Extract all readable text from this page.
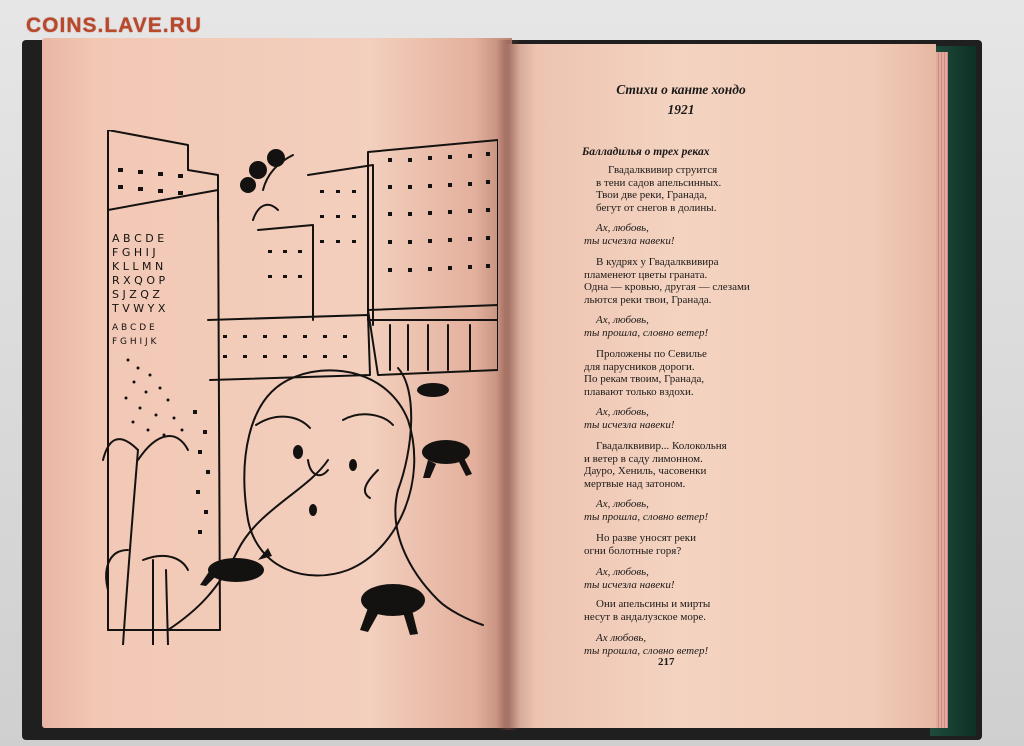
COINS.LAVE.RU
A B C D E
F G H I J
K L L M N
R X Q O P
S J Z Q Z
T V W Y X
A B C D E
F G H I J K
Стихи о канте хондо
1921
Балладилья о трех реках
Гвадалквивир струится
в тени садов апельсинных.
Твои две реки, Гранада,
бегут от снегов в долины.
Ах, любовь,
ты исчезла навеки!
В кудрях у Гвадалквивира
пламенеют цветы граната.
Одна — кровью, другая — слезами
льются реки твои, Гранада.
Ах, любовь,
ты прошла, словно ветер!
Проложены по Севилье
для парусников дороги.
По рекам твоим, Гранада,
плавают только вздохи.
Ах, любовь,
ты исчезла навеки!
Гвадалквивир... Колокольня
и ветер в саду лимонном.
Дауро, Хениль, часовенки
мертвые над затоном.
Ах, любовь,
ты прошла, словно ветер!
Но разве уносят реки
огни болотные горя?
Ах, любовь,
ты исчезла навеки!
Они апельсины и мирты
несут в андалузское море.
Ах любовь,
ты прошла, словно ветер!
217
